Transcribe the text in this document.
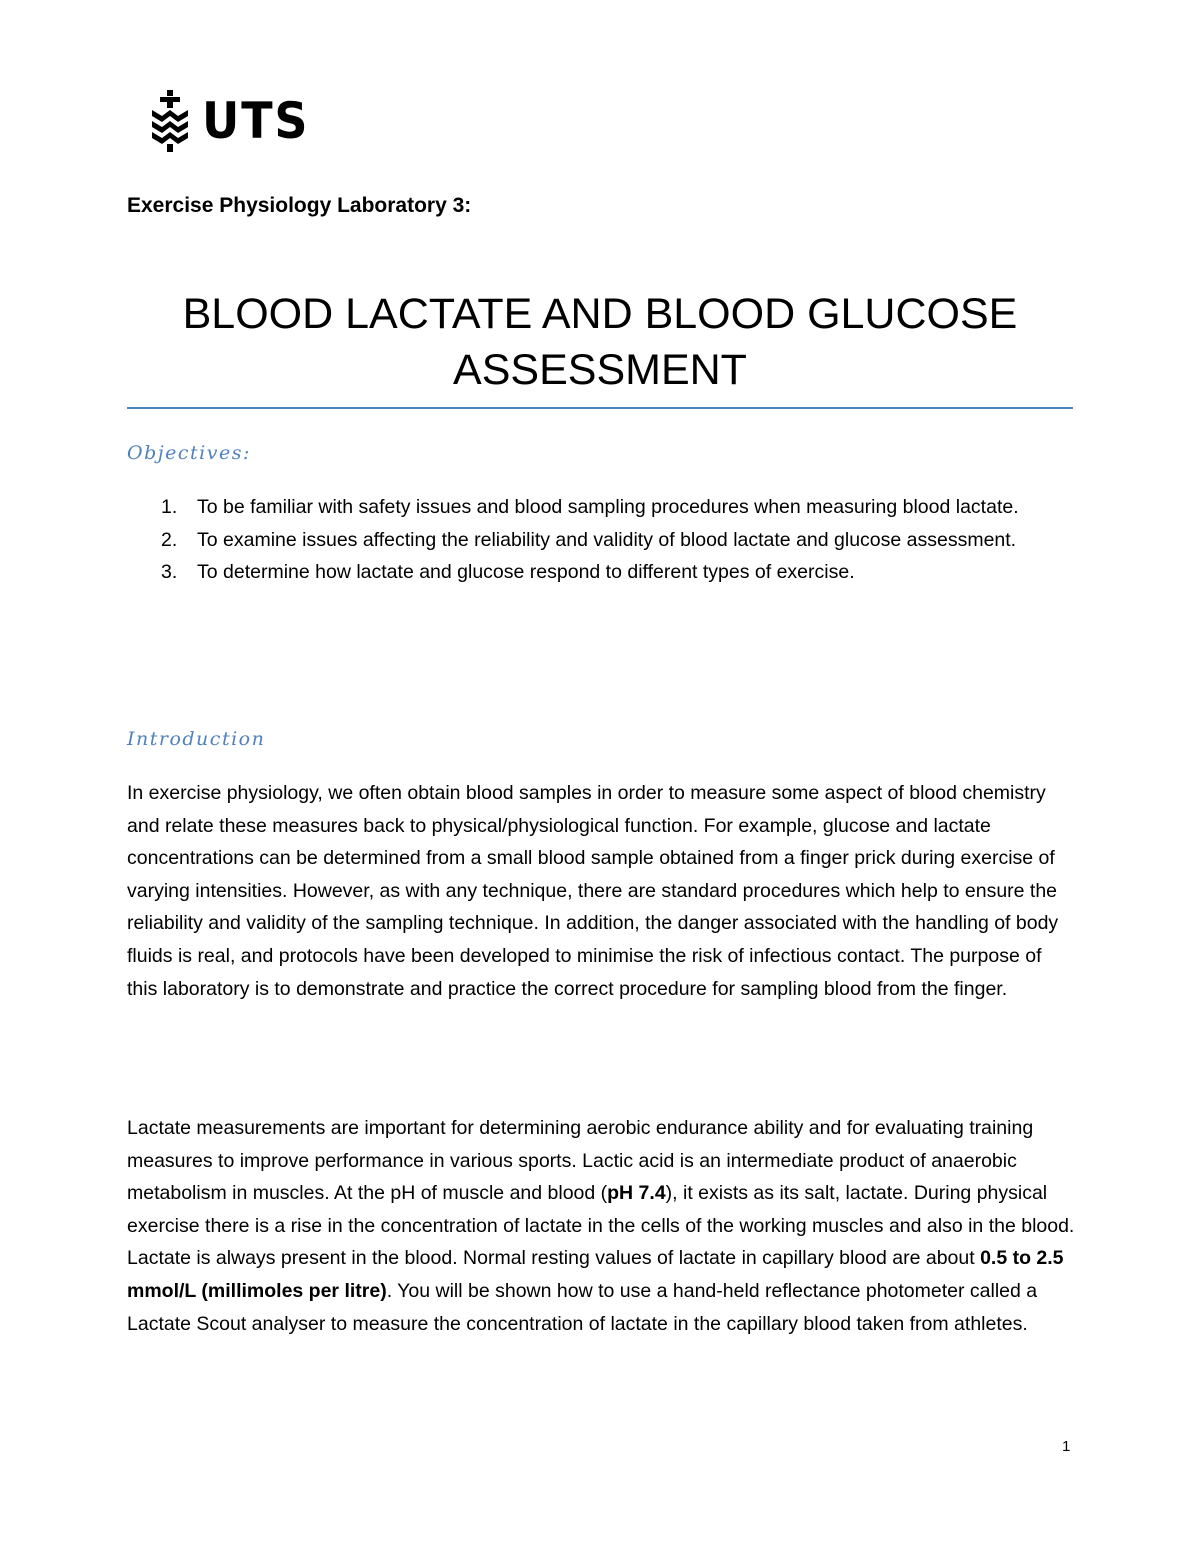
UTS
Exercise Physiology Laboratory 3:
BLOOD LACTATE AND BLOOD GLUCOSE
ASSESSMENT
Objectives:
1. To be familiar with safety issues and blood sampling procedures when measuring blood lactate.
2. To examine issues affecting the reliability and validity of blood lactate and glucose assessment.
3. To determine how lactate and glucose respond to different types of exercise.
Introduction

In exercise physiology, we often obtain blood samples in order to measure some aspect of blood chemistry and relate these measures back to physical/physiological function. For example, glucose and lactate concentrations can be determined from a small blood sample obtained from a finger prick during exercise of varying intensities. However, as with any technique, there are standard procedures which help to ensure the reliability and validity of the sampling technique. In addition, the danger associated with the handling of body fluids is real, and protocols have been developed to minimise the risk of infectious contact. The purpose of this laboratory is to demonstrate and practice the correct procedure for sampling blood from the finger.

Lactate measurements are important for determining aerobic endurance ability and for evaluating training measures to improve performance in various sports. Lactic acid is an intermediate product of anaerobic metabolism in muscles. At the pH of muscle and blood (pH 7.4), it exists as its salt, lactate. During physical exercise there is a rise in the concentration of lactate in the cells of the working muscles and also in the blood. Lactate is always present in the blood. Normal resting values of lactate in capillary blood are about 0.5 to 2.5 mmol/L (millimoles per litre). You will be shown how to use a hand-held reflectance photometer called a Lactate Scout analyser to measure the concentration of lactate in the capillary blood taken from athletes.

1
